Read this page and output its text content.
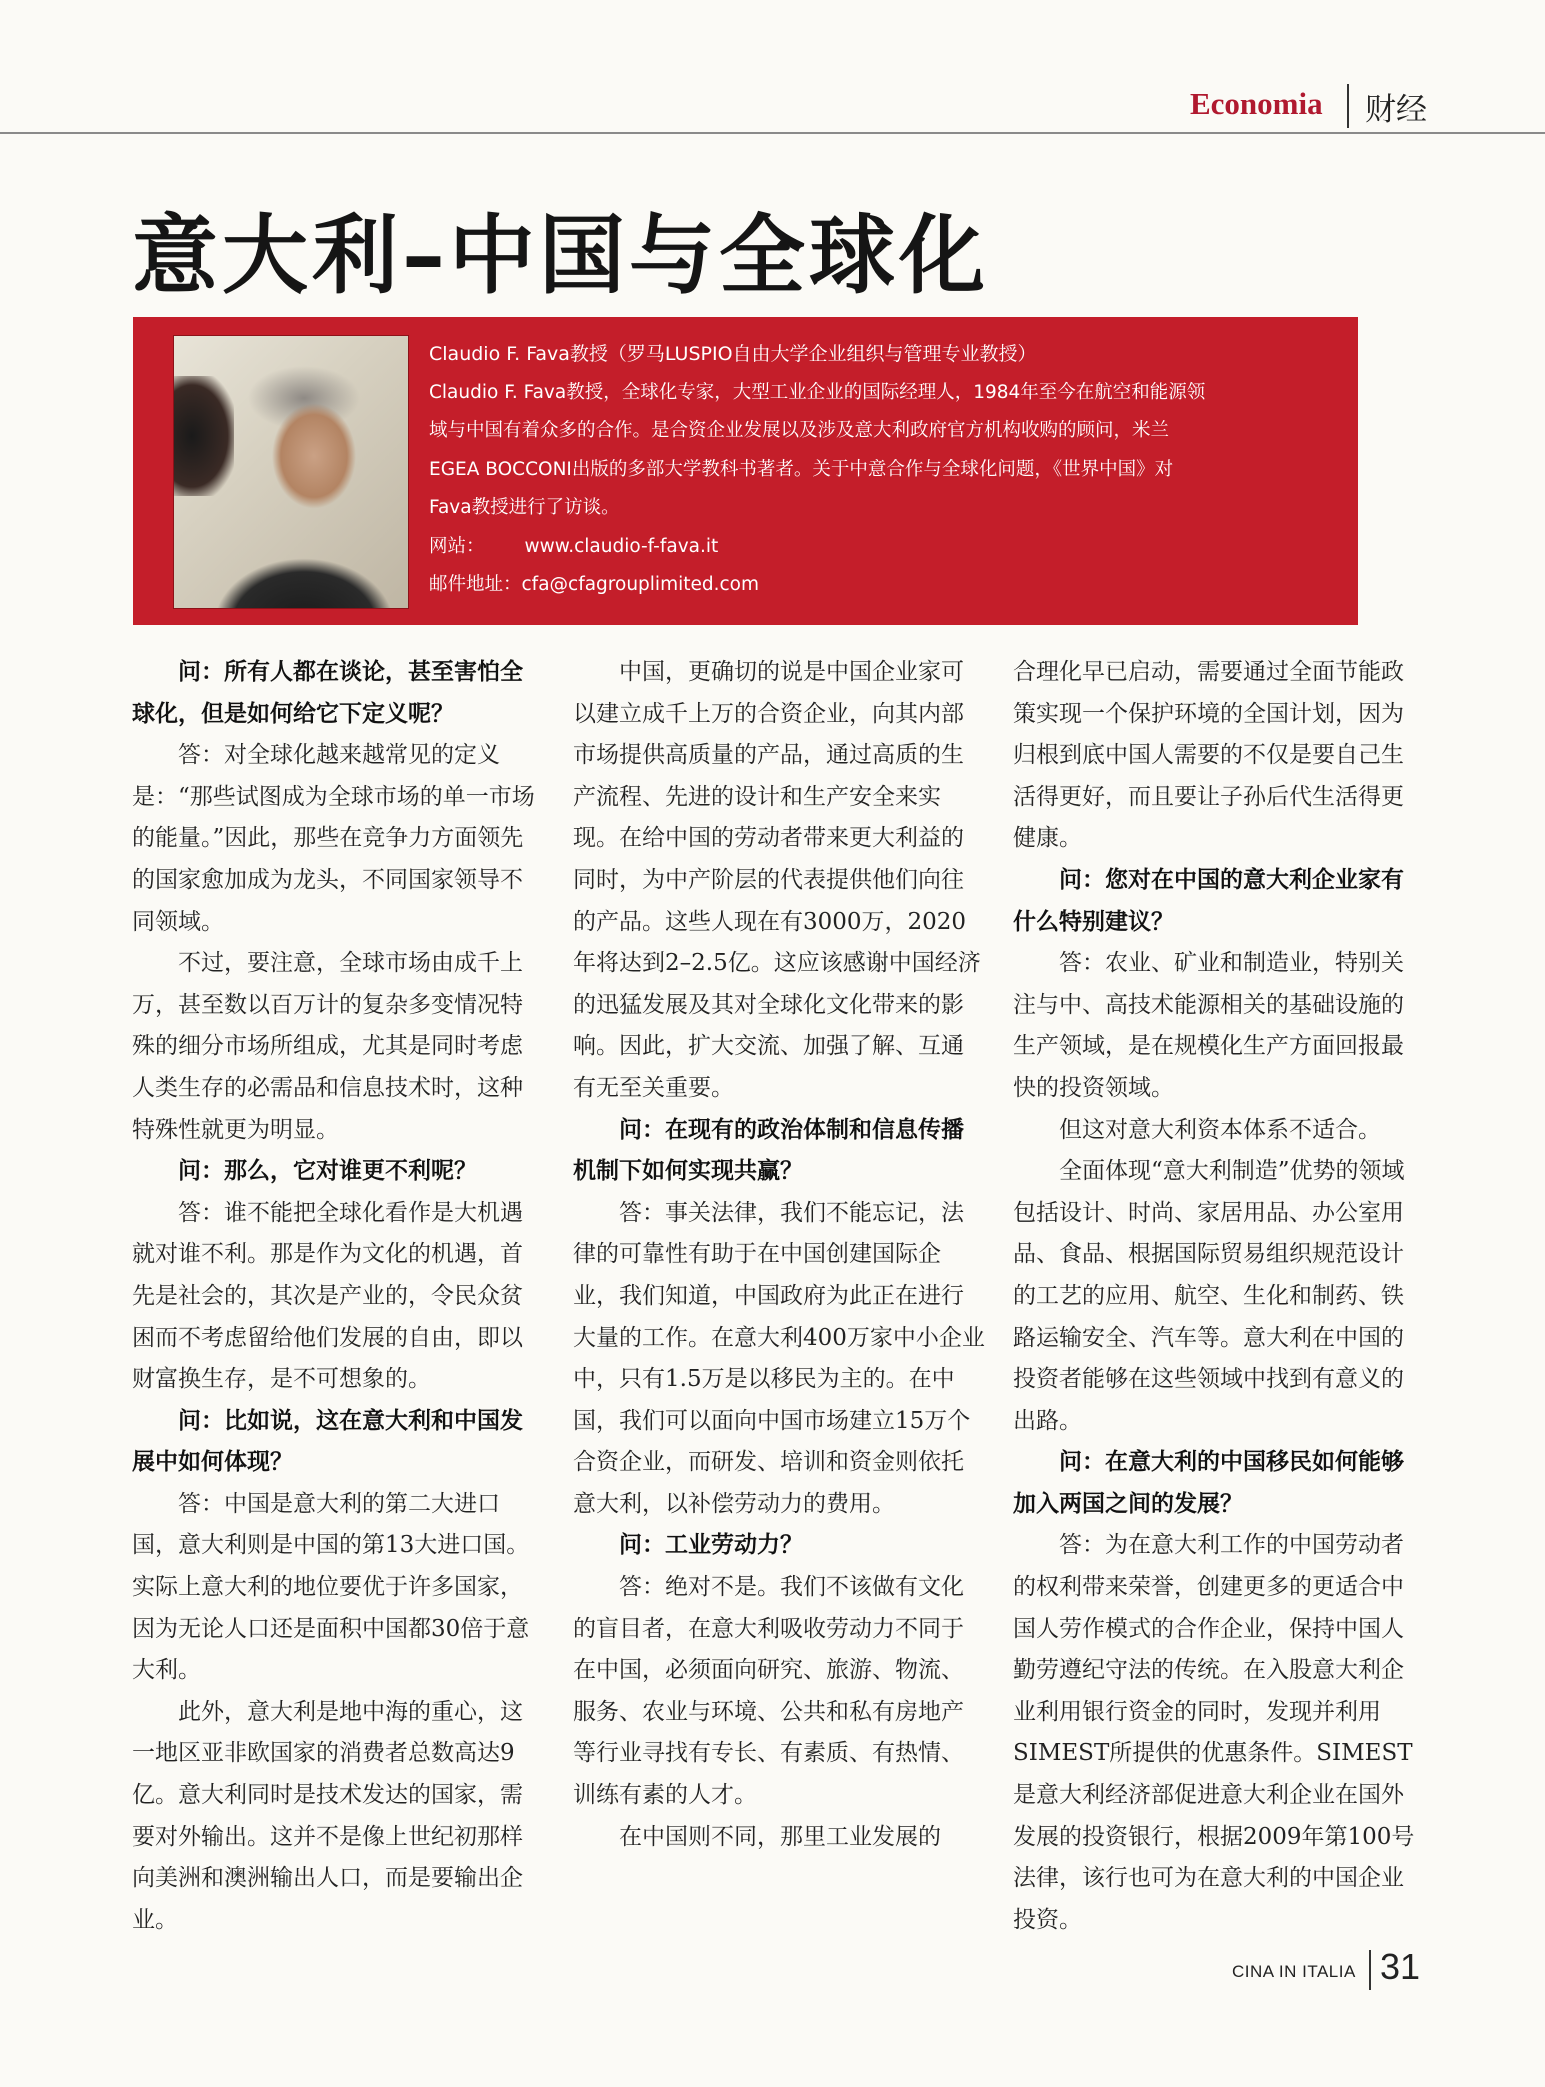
Economia 财经
意大利–中国与全球化
Claudio F. Fava教授（罗马LUSPIO自由大学企业组织与管理专业教授）
Claudio F. Fava教授，全球化专家，大型工业企业的国际经理人，1984年至今在航空和能源领
域与中国有着众多的合作。是合资企业发展以及涉及意大利政府官方机构收购的顾问，米兰
EGEA BOCCONI出版的多部大学教科书著者。关于中意合作与全球化问题，《世界中国》对
Fava教授进行了访谈。
网站： www.claudio-f-fava.it
邮件地址：cfa@cfagrouplimited.com

问：所有人都在谈论，甚至害怕全球化，但是如何给它下定义呢？

答：对全球化越来越常见的定义是：“那些试图成为全球市场的单一市场的能量。”因此，那些在竞争力方面领先的国家愈加成为龙头，不同国家领导不同领域。

不过，要注意，全球市场由成千上万，甚至数以百万计的复杂多变情况特殊的细分市场所组成，尤其是同时考虑人类生存的必需品和信息技术时，这种特殊性就更为明显。

问：那么，它对谁更不利呢？

答：谁不能把全球化看作是大机遇就对谁不利。那是作为文化的机遇，首先是社会的，其次是产业的，令民众贫困而不考虑留给他们发展的自由，即以财富换生存，是不可想象的。

问：比如说，这在意大利和中国发展中如何体现？

答：中国是意大利的第二大进口国，意大利则是中国的第13大进口国。实际上意大利的地位要优于许多国家，因为无论人口还是面积中国都30倍于意大利。

此外，意大利是地中海的重心，这一地区亚非欧国家的消费者总数高达9亿。意大利同时是技术发达的国家，需要对外输出。这并不是像上世纪初那样向美洲和澳洲输出人口，而是要输出企业。

中国，更确切的说是中国企业家可以建立成千上万的合资企业，向其内部市场提供高质量的产品，通过高质的生产流程、先进的设计和生产安全来实现。在给中国的劳动者带来更大利益的同时，为中产阶层的代表提供他们向往的产品。这些人现在有3000万，2020年将达到2–2.5亿。这应该感谢中国经济的迅猛发展及其对全球化文化带来的影响。因此，扩大交流、加强了解、互通有无至关重要。

问：在现有的政治体制和信息传播机制下如何实现共赢？

答：事关法律，我们不能忘记，法律的可靠性有助于在中国创建国际企业，我们知道，中国政府为此正在进行大量的工作。在意大利400万家中小企业中，只有1.5万是以移民为主的。在中国，我们可以面向中国市场建立15万个合资企业，而研发、培训和资金则依托意大利，以补偿劳动力的费用。

问：工业劳动力？

答：绝对不是。我们不该做有文化的盲目者，在意大利吸收劳动力不同于在中国，必须面向研究、旅游、物流、服务、农业与环境、公共和私有房地产等行业寻找有专长、有素质、有热情、训练有素的人才。

在中国则不同，那里工业发展的

合理化早已启动，需要通过全面节能政策实现一个保护环境的全国计划，因为归根到底中国人需要的不仅是要自己生活得更好，而且要让子孙后代生活得更健康。

问：您对在中国的意大利企业家有什么特别建议？

答：农业、矿业和制造业，特别关注与中、高技术能源相关的基础设施的生产领域，是在规模化生产方面回报最快的投资领域。

但这对意大利资本体系不适合。

全面体现“意大利制造”优势的领域包括设计、时尚、家居用品、办公室用品、食品、根据国际贸易组织规范设计的工艺的应用、航空、生化和制药、铁路运输安全、汽车等。意大利在中国的投资者能够在这些领域中找到有意义的出路。

问：在意大利的中国移民如何能够加入两国之间的发展？

答：为在意大利工作的中国劳动者的权利带来荣誉，创建更多的更适合中国人劳作模式的合作企业，保持中国人勤劳遵纪守法的传统。在入股意大利企业利用银行资金的同时，发现并利用SIMEST所提供的优惠条件。SIMEST是意大利经济部促进意大利企业在国外发展的投资银行，根据2009年第100号法律，该行也可为在意大利的中国企业投资。

CINA IN ITALIA 31
